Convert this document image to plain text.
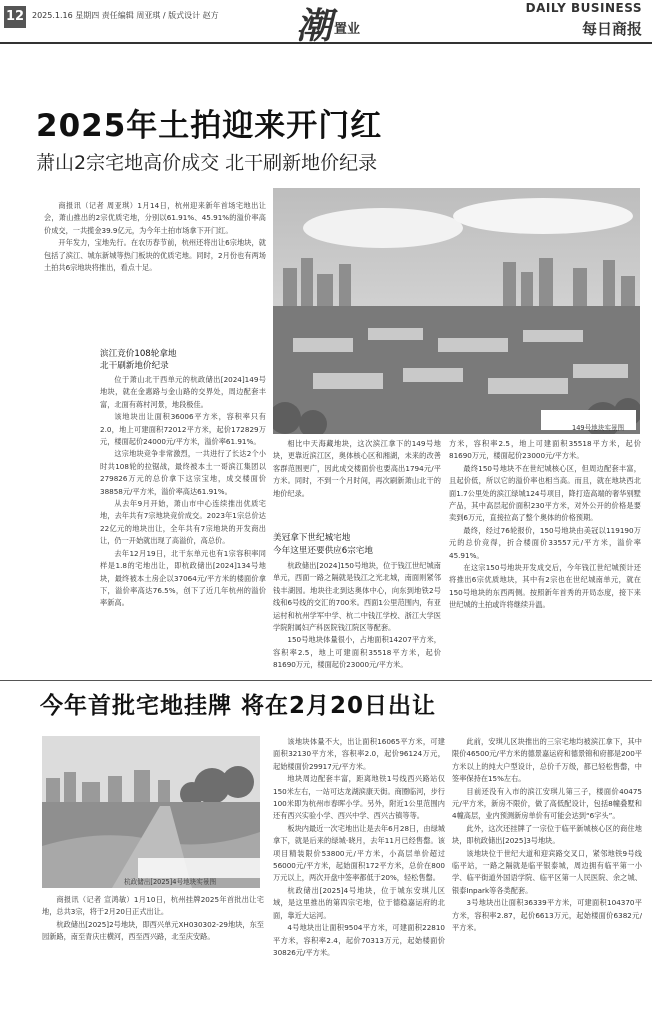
12 2025.1.16 星期四 责任编辑 周亚琪 / 版式设计 赵方 潮 置业
DAILY BUSINESS
每日商报
2025年土拍迎来开门红
萧山2宗宅地高价成交 北干刷新地价纪录

商报讯（记者 周亚琪）1月14日，杭州迎来新年首场宅地出让会，萧山推出的2宗优质宅地，分别以61.91%、45.91%的溢价率高价成交，一共揽金39.9亿元，为今年土拍市场拿下开门红。

开年发力，宝地先行。在农历春节前，杭州还将出让6宗地块，就包括了滨江、城东新城等热门板块的优质宅地。同时，2月份也有两场土拍共6宗地块将推出，看点十足。

149号地块实景图
滨江竞价108轮拿地
北干刷新地价纪录

位于萧山北干西单元的杭政储出[2024]149号地块，就在金惠路与金山路的交界处，周边配套丰富，北面有蒋村河景，地段极佳。

该地块出让面积36006平方米，容积率只有2.0，地上可建面积72012平方米，起价172829万元，楼面起价24000元/平方米，溢价率61.91%。

这宗地块竞争非常激烈，一共进行了长达2个小时共108轮的拉锯战，最终被本土一哥滨江集团以279826万元的总价拿下这宗宝地，成交楼面价38858元/平方米，溢价率高达61.91%。

从去年9月开始，萧山市中心连续推出优质宅地，去年共有7宗地块竞价成交。2023年1宗总价达22亿元的地块出让，全年共有7宗地块的开发商出让，仍一开始就出现了高溢价，高总价。

去年12月19日，北干东单元也有1宗容积率同样是1.8的宅地出让，即杭政储出[2024]134号地块，最终被本土房企以37064元/平方米的楼面价拿下，溢价率高达76.5%，创下了近几年杭州的溢价率新高。

相比中天海藏地块，这次滨江拿下的149号地块，更靠近滨江区，奥体核心区和湘湖，未来的改善客群范围更广，因此成交楼面价也要高出1794元/平方米。同时，不到一个月时间，再次刷新萧山北干的地价纪录。

美冠拿下世纪城宅地
今年这里还要供应6宗宅地

杭政储出[2024]150号地块，位于钱江世纪城南单元，西面一路之隔就是钱江之光北城，南面则紧邻钱丰湖园。地块往北到达奥体中心，向东到地铁2号线和6号线的交汇的700米。西面1公里范围内，有亚运村和杭州学军中学、杭二中钱江学校、浙江大学医学院附属妇产科医院钱江院区等配套。

150号地块体量很小，占地面积14207平方米，容积率2.5，地上可建面积35518平方米，起价81690万元，楼面起价23000元/平方米。

方米，容积率2.5，地上可建面积35518平方米，起价81690万元，楼面起价23000元/平方米。

最终150号地块不在世纪城核心区，但周边配套丰富，且起价低，所以它的溢价率也相当高。而且，就在地块西北面1.7公里处的滨江绿城124号项目，降打造高端的奢华别墅产品，其中高层起价面积230平方米，对外公开的价格是要卖到6万元，直接拉高了整个奥体的价格预期。

最终，经过76轮报价，150号地块由美冠以119190万元的总价竞得，折合楼面价33557元/平方米，溢价率45.91%。

在这宗150号地块开发成交后，今年钱江世纪城预计还将推出6宗优质地块，其中有2宗也在世纪城南单元，就在150号地块的东西两侧。按照新年首秀的开局态度，接下来世纪城的土拍或许将继续升温。

今年首批宅地挂牌 将在2月20日出让
杭政储出[2025]4号地块实景图

商报讯（记者 宣鸿敏）1月10日，杭州挂牌2025年首批出让宅地，总共3宗，将于2月20日正式出让。

杭政储出[2025]2号地块，即西兴单元XH030302-29地块，东至园新路，南至青庆庄横河，西至西兴路，北至庆安路。

该地块体量不大，出让面积16065平方米，可建面积32130平方米，容积率2.0，起价96124万元，起始楼面价29917元/平方米。

地块周边配套丰富，距离地铁1号线西兴路站仅150米左右，一站可达龙湖滨康天街。商圈临河，步行100米即为杭州市春晖小学。另外，附近1公里范围内还有西兴实验小学、西兴中学、西兴古镇等等。

板块内最近一次宅地出让是去年6月28日，由绿城拿下，就是后来的绿城·晓月，去年11月已经售罄。该项目精装限价53800元/平方米，小高层单价超过56000元/平方米，起始面积172平方米，总价在800万元以上，两次开盘中签率都低于20%，轻松售罄。

杭政储出[2025]4号地块，位于城东安琪儿区域，是这里推出的第四宗宅地，位于德稳嘉运府的北面，靠近大运河。

4号地块出让面积9504平方米，可建面积22810平方米，容积率2.4，起价70313万元，起始楼面价30826元/平方米。

此前，安琪儿区块推出的三宗宅地均被滨江拿下，其中限价46500元/平方米的德景嘉运府和德景锦和府都是200平方米以上的纯大户型设计，总价千万级，都已轻松售罄，中签率保持在15%左右。

目前还没有入市的滨江安琪儿第三子，楼面价40475元/平方米，新房不限价，做了高低配设计，包括8幢叠墅和4幢高层，业内预测新房单价有可能会达到“6字头”。

此外，这次还挂牌了一宗位于临平新城核心区的商住地块，即杭政储出[2025]3号地块。

该地块位于世纪大道和迎宾路交叉口，紧邻地铁9号线临平站，一路之隔就是临平银泰城，周边拥有临平第一小学、临平街道外国语学院、临平区第一人民医院、余之城、银泰Inpark等各类配套。

3号地块出让面积36339平方米，可建面积104370平方米，容积率2.87，起价6613万元，起始楼面价6382元/平方米。
